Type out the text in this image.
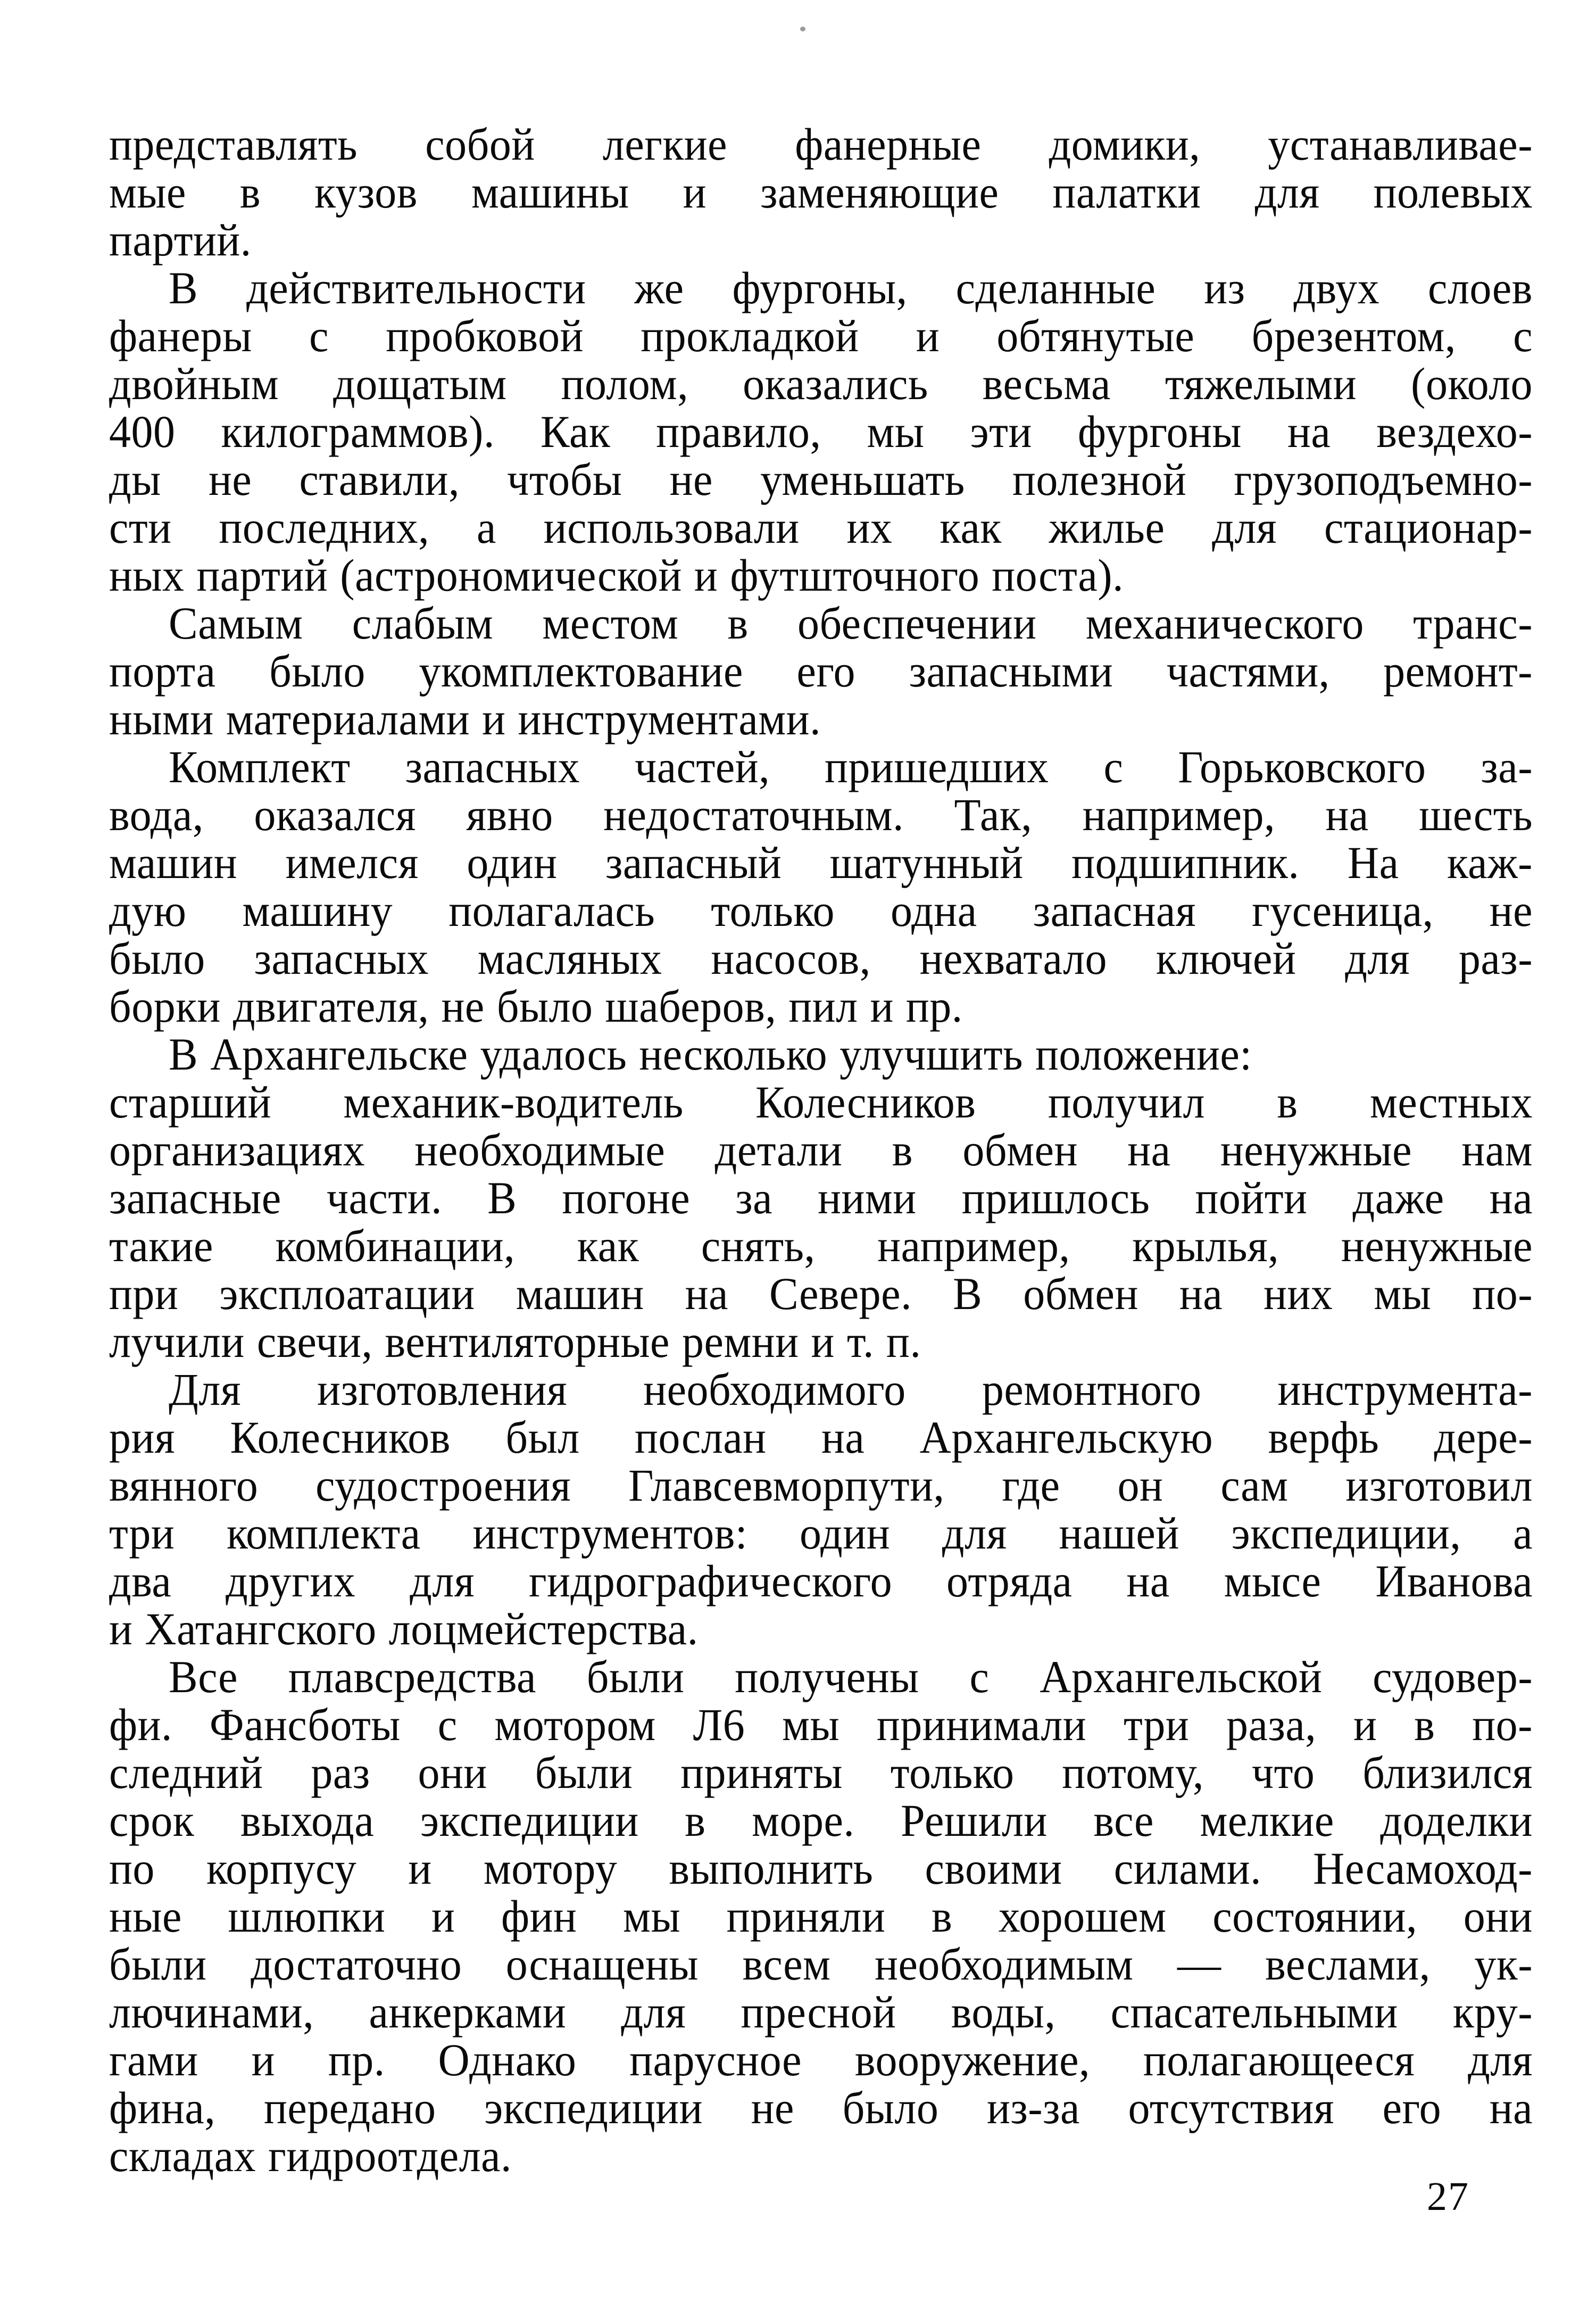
представлять собой легкие фанерные домики, устанавливае-
мые в кузов машины и заменяющие палатки для полевых
партий.
В действительности же фургоны, сделанные из двух слоев
фанеры с пробковой прокладкой и обтянутые брезентом, с
двойным дощатым полом, оказались весьма тяжелыми (около
400 килограммов). Как правило, мы эти фургоны на вездехо-
ды не ставили, чтобы не уменьшать полезной грузоподъемно-
сти последних, а использовали их как жилье для стационар-
ных партий (астрономической и футшточного поста).
Самым слабым местом в обеспечении механического транс-
порта было укомплектование его запасными частями, ремонт-
ными материалами и инструментами.
Комплект запасных частей, пришедших с Горьковского за-
вода, оказался явно недостаточным. Так, например, на шесть
машин имелся один запасный шатунный подшипник. На каж-
дую машину полагалась только одна запасная гусеница, не
было запасных масляных насосов, нехватало ключей для раз-
борки двигателя, не было шаберов, пил и пр.
В Архангельске удалось несколько улучшить положение:
старший механик-водитель Колесников получил в местных
организациях необходимые детали в обмен на ненужные нам
запасные части. В погоне за ними пришлось пойти даже на
такие комбинации, как снять, например, крылья, ненужные
при эксплоатации машин на Севере. В обмен на них мы по-
лучили свечи, вентиляторные ремни и т. п.
Для изготовления необходимого ремонтного инструмента-
рия Колесников был послан на Архангельскую верфь дере-
вянного судостроения Главсевморпути, где он сам изготовил
три комплекта инструментов: один для нашей экспедиции, а
два других для гидрографического отряда на мысе Иванова
и Хатангского лоцмейстерства.
Все плавсредства были получены с Архангельской судовер-
фи. Фансботы с мотором Л6 мы принимали три раза, и в по-
следний раз они были приняты только потому, что близился
срок выхода экспедиции в море. Решили все мелкие доделки
по корпусу и мотору выполнить своими силами. Несамоход-
ные шлюпки и фин мы приняли в хорошем состоянии, они
были достаточно оснащены всем необходимым — веслами, ук-
лючинами, анкерками для пресной воды, спасательными кру-
гами и пр. Однако парусное вооружение, полагающееся для
фина, передано экспедиции не было из-за отсутствия его на
складах гидроотдела.
27
